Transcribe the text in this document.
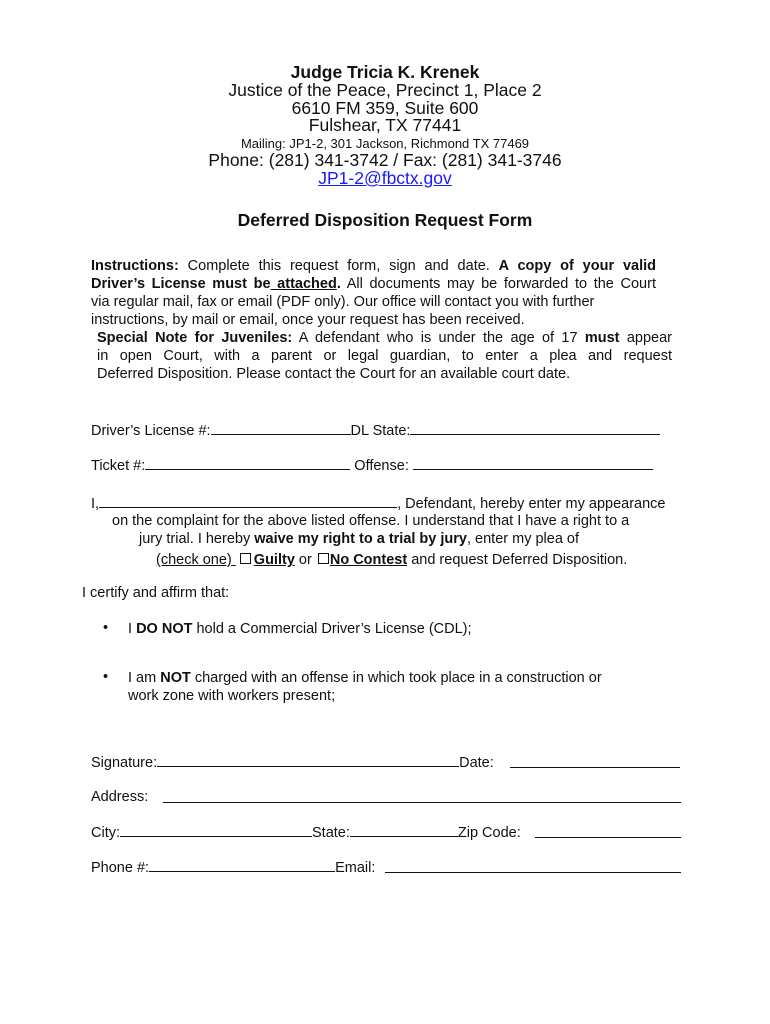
Judge Tricia K. Krenek
Justice of the Peace, Precinct 1, Place 2
6610 FM 359, Suite 600
Fulshear, TX 77441
Mailing: JP1-2, 301 Jackson, Richmond TX 77469
Phone: (281) 341-3742 / Fax: (281) 341-3746
JP1-2@fbctx.gov
Deferred Disposition Request Form
Instructions: Complete this request form, sign and date. A copy of your valid
Driver’s License must be attached. All documents may be forwarded to the Court
via regular mail, fax or email (PDF only). Our office will contact you with further
instructions, by mail or email, once your request has been received.
Special Note for Juveniles: A defendant who is under the age of 17 must appear
in open Court, with a parent or legal guardian, to enter a plea and request
Deferred Disposition. Please contact the Court for an available court date.
Driver’s License #:	DL State:
Ticket #:	Offense:
I,	, Defendant, hereby enter my appearance
on the complaint for the above listed offense. I understand that I have a right to a
jury trial. I hereby waive my right to a trial by jury, enter my plea of
(check one) Guilty or No Contest and request Deferred Disposition.
I certify and affirm that:
• I DO NOT hold a Commercial Driver’s License (CDL);
• I am NOT charged with an offense in which took place in a construction or
work zone with workers present;
Signature:	Date:
Address:
City:	State:	Zip Code:
Phone #:	Email:
